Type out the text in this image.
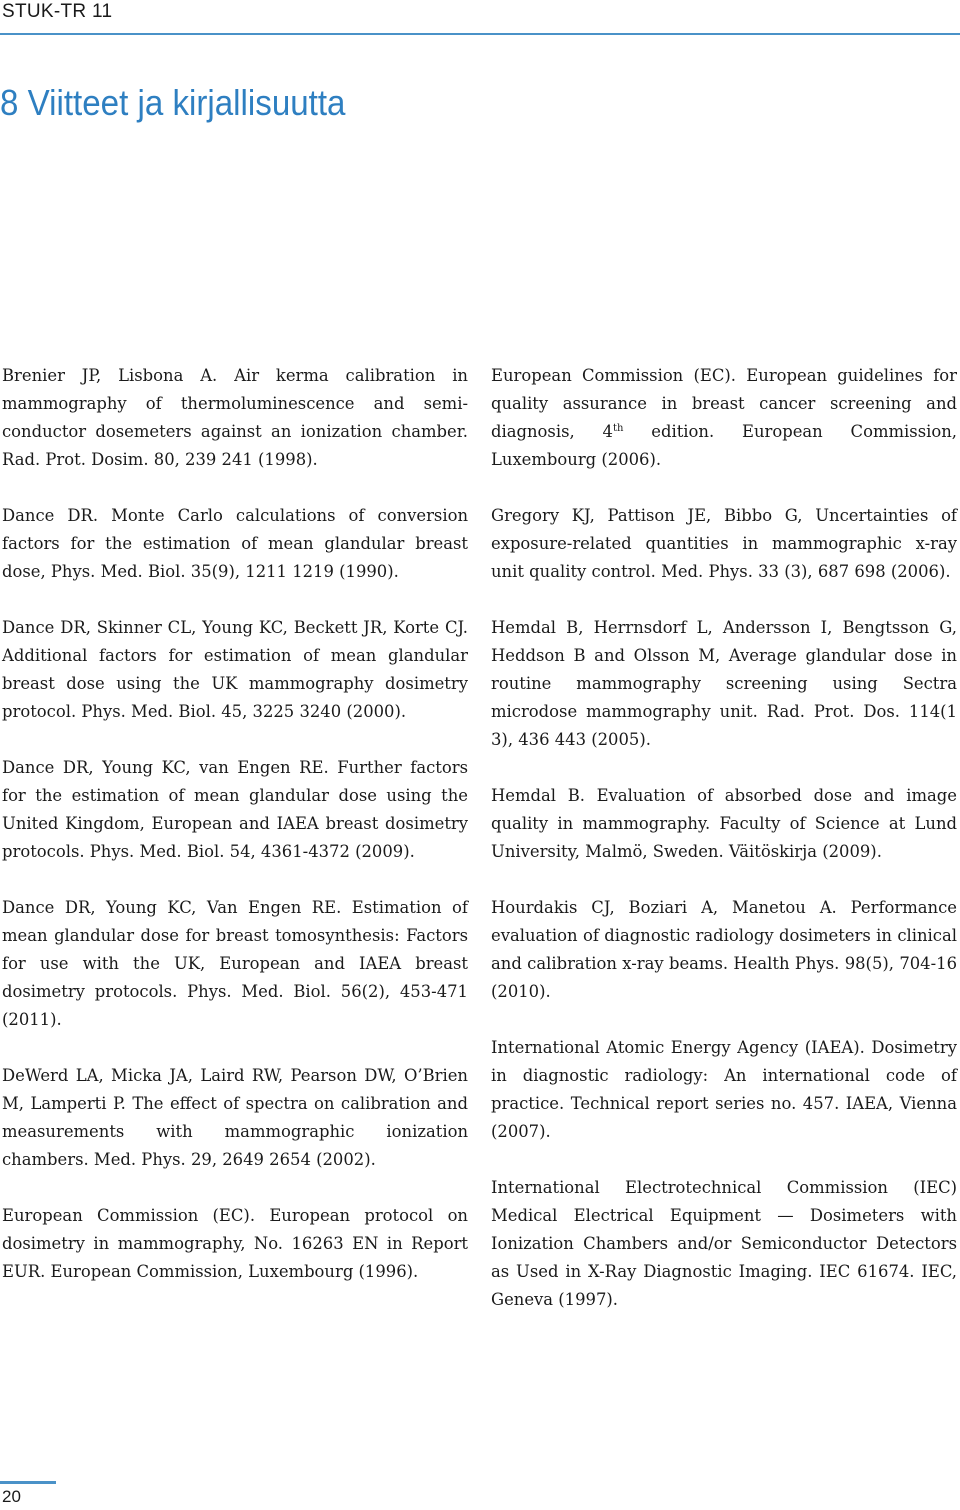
STUK-TR 11

8 Viitteet ja kirjallisuutta

Brenier JP, Lisbona A. Air kerma calibration in mammography of thermoluminescence and semi-conductor dosemeters against an ionization chamber. Rad. Prot. Dosim. 80, 239 241 (1998).

Dance DR. Monte Carlo calculations of conversion factors for the estimation of mean glandular breast dose, Phys. Med. Biol. 35(9), 1211 1219 (1990).

Dance DR, Skinner CL, Young KC, Beckett JR, Korte CJ. Additional factors for estimation of mean glandular breast dose using the UK mammography dosimetry protocol. Phys. Med. Biol. 45, 3225 3240 (2000).

Dance DR, Young KC, van Engen RE. Further factors for the estimation of mean glandular dose using the United Kingdom, European and IAEA breast dosimetry protocols. Phys. Med. Biol. 54, 4361-4372 (2009).

Dance DR, Young KC, Van Engen RE. Estimation of mean glandular dose for breast tomosynthesis: Factors for use with the UK, European and IAEA breast dosimetry protocols. Phys. Med. Biol. 56(2), 453-471 (2011).

DeWerd LA, Micka JA, Laird RW, Pearson DW, O’Brien M, Lamperti P. The effect of spectra on calibration and measurements with mammographic ionization chambers. Med. Phys. 29, 2649 2654 (2002).

European Commission (EC). European protocol on dosimetry in mammography, No. 16263 EN in Report EUR. European Commission, Luxembourg (1996).

European Commission (EC). European guidelines for quality assurance in breast cancer screening and diagnosis, 4th edition. European Commission, Luxembourg (2006).

Gregory KJ, Pattison JE, Bibbo G, Uncertainties of exposure-related quantities in mammographic x-ray unit quality control. Med. Phys. 33 (3), 687 698 (2006).

Hemdal B, Herrnsdorf L, Andersson I, Bengtsson G, Heddson B and Olsson M, Average glandular dose in routine mammography screening using Sectra microdose mammography unit. Rad. Prot. Dos. 114(1 3), 436 443 (2005).

Hemdal B. Evaluation of absorbed dose and image quality in mammography. Faculty of Science at Lund University, Malmö, Sweden. Väitöskirja (2009).

Hourdakis CJ, Boziari A, Manetou A. Performance evaluation of diagnostic radiology dosimeters in clinical and calibration x-ray beams. Health Phys. 98(5), 704-16 (2010).

International Atomic Energy Agency (IAEA). Dosimetry in diagnostic radiology: An international code of practice. Technical report series no. 457. IAEA, Vienna (2007).

International Electrotechnical Commission (IEC) Medical Electrical Equipment — Dosimeters with Ionization Chambers and/or Semiconductor Detectors as Used in X-Ray Diagnostic Imaging. IEC 61674. IEC, Geneva (1997).

20
